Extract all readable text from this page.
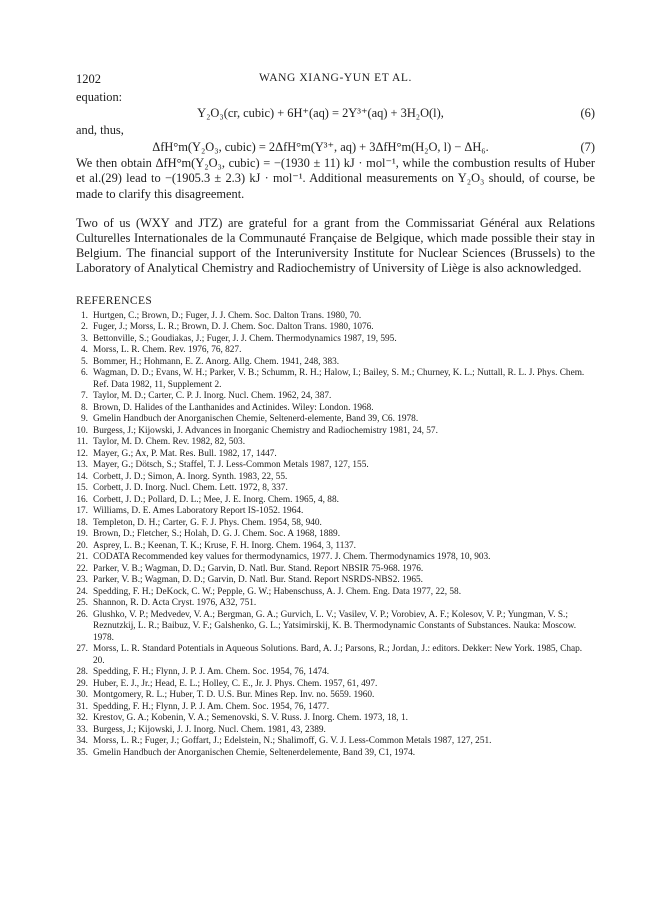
1202	WANG XIANG-YUN ET AL.

equation:

Y₂O₃(cr, cubic) + 6H⁺(aq) = 2Y³⁺(aq) + 3H₂O(l),	(6)
and, thus,
ΔfH°m(Y₂O₃, cubic) = 2ΔfH°m(Y³⁺, aq) + 3ΔfH°m(H₂O, l) − ΔH₆.	(7)

We then obtain ΔfH°m(Y₂O₃, cubic) = −(1930 ± 11) kJ · mol⁻¹, while the combustion results of Huber et al.(29) lead to −(1905.3 ± 2.3) kJ · mol⁻¹. Additional measurements on Y₂O₃ should, of course, be made to clarify this disagreement.

Two of us (WXY and JTZ) are grateful for a grant from the Commissariat Général aux Relations Culturelles Internationales de la Communauté Française de Belgique, which made possible their stay in Belgium. The financial support of the Interuniversity Institute for Nuclear Sciences (Brussels) to the Laboratory of Analytical Chemistry and Radiochemistry of University of Liège is also acknowledged.

REFERENCES
1. Hurtgen, C.; Brown, D.; Fuger, J. J. Chem. Soc. Dalton Trans. 1980, 70.
2. Fuger, J.; Morss, L. R.; Brown, D. J. Chem. Soc. Dalton Trans. 1980, 1076.
3. Bettonville, S.; Goudiakas, J.; Fuger, J. J. Chem. Thermodynamics 1987, 19, 595.
4. Morss, L. R. Chem. Rev. 1976, 76, 827.
5. Bommer, H.; Hohmann, E. Z. Anorg. Allg. Chem. 1941, 248, 383.
6. Wagman, D. D.; Evans, W. H.; Parker, V. B.; Schumm, R. H.; Halow, I.; Bailey, S. M.; Churney, K. L.; Nuttall, R. L. J. Phys. Chem. Ref. Data 1982, 11, Supplement 2.
7. Taylor, M. D.; Carter, C. P. J. Inorg. Nucl. Chem. 1962, 24, 387.
8. Brown, D. Halides of the Lanthanides and Actinides. Wiley: London. 1968.
9. Gmelin Handbuch der Anorganischen Chemie, Seltenerd-elemente, Band 39, C6. 1978.
10. Burgess, J.; Kijowski, J. Advances in Inorganic Chemistry and Radiochemistry 1981, 24, 57.
11. Taylor, M. D. Chem. Rev. 1982, 82, 503.
12. Mayer, G.; Ax, P. Mat. Res. Bull. 1982, 17, 1447.
13. Mayer, G.; Dötsch, S.; Staffel, T. J. Less-Common Metals 1987, 127, 155.
14. Corbett, J. D.; Simon, A. Inorg. Synth. 1983, 22, 55.
15. Corbett, J. D. Inorg. Nucl. Chem. Lett. 1972, 8, 337.
16. Corbett, J. D.; Pollard, D. L.; Mee, J. E. Inorg. Chem. 1965, 4, 88.
17. Williams, D. E. Ames Laboratory Report IS-1052. 1964.
18. Templeton, D. H.; Carter, G. F. J. Phys. Chem. 1954, 58, 940.
19. Brown, D.; Fletcher, S.; Holah, D. G. J. Chem. Soc. A 1968, 1889.
20. Asprey, L. B.; Keenan, T. K.; Kruse, F. H. Inorg. Chem. 1964, 3, 1137.
21. CODATA Recommended key values for thermodynamics, 1977. J. Chem. Thermodynamics 1978, 10, 903.
22. Parker, V. B.; Wagman, D. D.; Garvin, D. Natl. Bur. Stand. Report NBSIR 75-968. 1976.
23. Parker, V. B.; Wagman, D. D.; Garvin, D. Natl. Bur. Stand. Report NSRDS-NBS2. 1965.
24. Spedding, F. H.; DeKock, C. W.; Pepple, G. W.; Habenschuss, A. J. Chem. Eng. Data 1977, 22, 58.
25. Shannon, R. D. Acta Cryst. 1976, A32, 751.
26. Glushko, V. P.; Medvedev, V. A.; Bergman, G. A.; Gurvich, L. V.; Vasilev, V. P.; Vorobiev, A. F.; Kolesov, V. P.; Yungman, V. S.; Reznutzkij, L. R.; Baibuz, V. F.; Galshenko, G. L.; Yatsimirskij, K. B. Thermodynamic Constants of Substances. Nauka: Moscow. 1978.
27. Morss, L. R. Standard Potentials in Aqueous Solutions. Bard, A. J.; Parsons, R.; Jordan, J.: editors. Dekker: New York. 1985, Chap. 20.
28. Spedding, F. H.; Flynn, J. P. J. Am. Chem. Soc. 1954, 76, 1474.
29. Huber, E. J., Jr.; Head, E. L.; Holley, C. E., Jr. J. Phys. Chem. 1957, 61, 497.
30. Montgomery, R. L.; Huber, T. D. U.S. Bur. Mines Rep. Inv. no. 5659. 1960.
31. Spedding, F. H.; Flynn, J. P. J. Am. Chem. Soc. 1954, 76, 1477.
32. Krestov, G. A.; Kobenin, V. A.; Semenovski, S. V. Russ. J. Inorg. Chem. 1973, 18, 1.
33. Burgess, J.; Kijowski, J. J. Inorg. Nucl. Chem. 1981, 43, 2389.
34. Morss, L. R.; Fuger, J.; Goffart, J.; Edelstein, N.; Shalimoff, G. V. J. Less-Common Metals 1987, 127, 251.
35. Gmelin Handbuch der Anorganischen Chemie, Seltenerdelemente, Band 39, C1, 1974.
